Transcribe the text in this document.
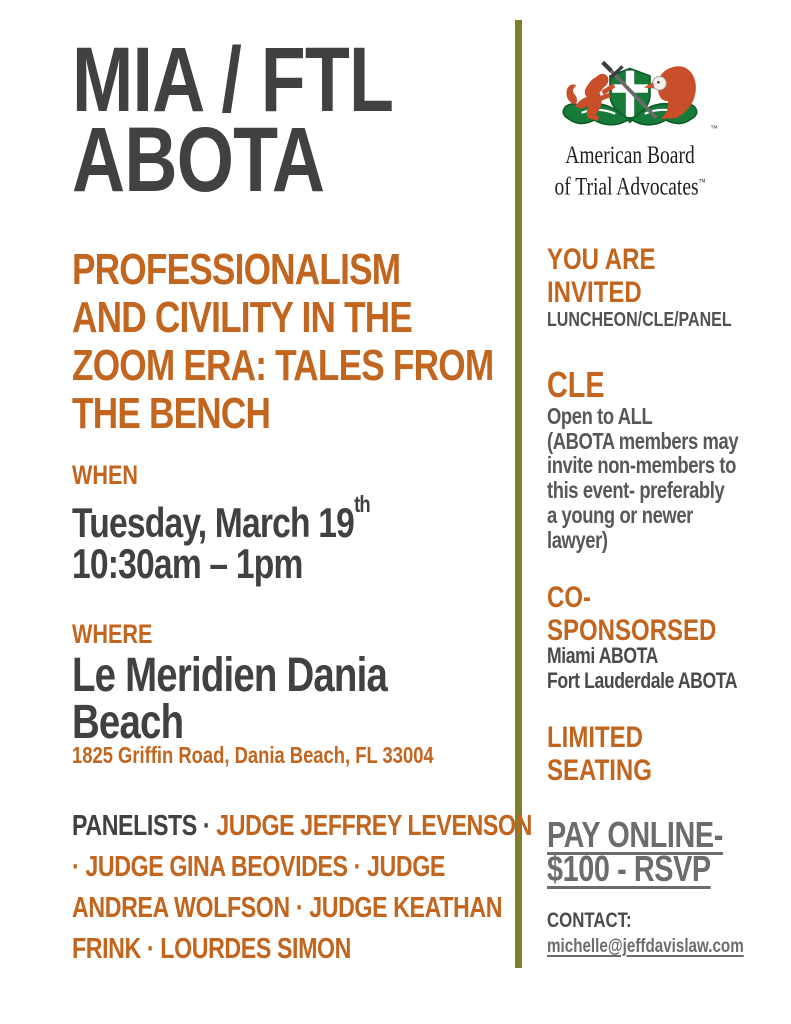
MIA / FTL
ABOTA
PROFESSIONALISM
AND CIVILITY IN THE
ZOOM ERA: TALES FROM
THE BENCH
WHEN
Tuesday, March 19th
10:30am – 1pm
WHERE
Le Meridien Dania
Beach
1825 Griffin Road, Dania Beach, FL 33004
PANELISTS · JUDGE JEFFREY LEVENSON
· JUDGE GINA BEOVIDES · JUDGE
ANDREA WOLFSON · JUDGE KEATHAN
FRINK · LOURDES SIMON
™
American Board
of Trial Advocates™
YOU ARE
INVITED
LUNCHEON/CLE/PANEL
CLE
Open to ALL
(ABOTA members may
invite non-members to
this event- preferably
a young or newer
lawyer)
CO-
SPONSORSED
Miami ABOTA
Fort Lauderdale ABOTA
LIMITED
SEATING
PAY ONLINE-
$100 - RSVP
CONTACT:
michelle@jeffdavislaw.com
